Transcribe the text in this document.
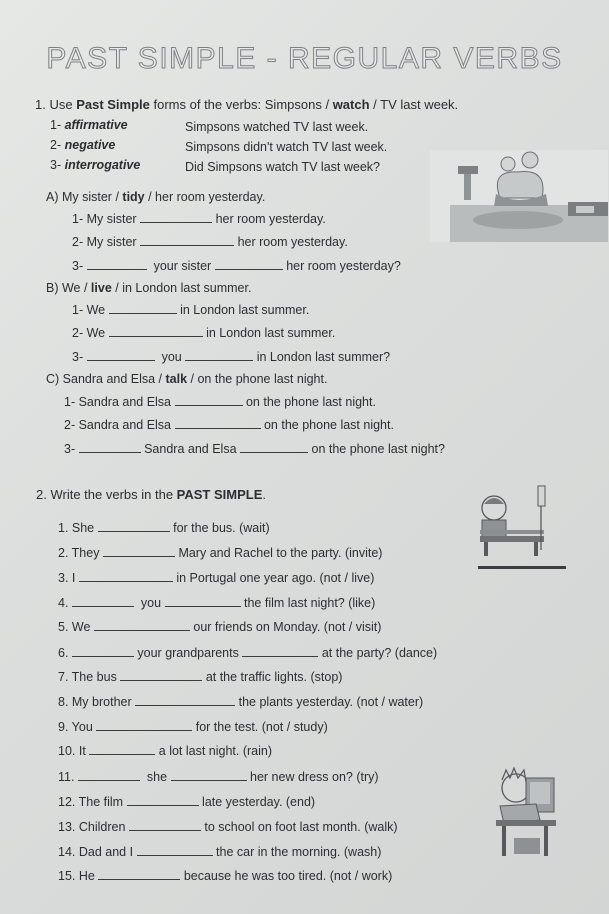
PAST SIMPLE - REGULAR VERBS
1. Use Past Simple forms of the verbs: Simpsons / watch / TV last week.
1- affirmative	Simpsons watched TV last week.
2- negative	Simpsons didn't watch TV last week.
3- interrogative	Did Simpsons watch TV last week?
A) My sister / tidy / her room yesterday.
1- My sister	her room yesterday.
2- My sister	her room yesterday.
3-	your sister	her room yesterday?
B) We / live / in London last summer.
1- We	in London last summer.
2- We	in London last summer.
3-	you	in London last summer?
C) Sandra and Elsa / talk / on the phone last night.
1- Sandra and Elsa	on the phone last night.
2- Sandra and Elsa	on the phone last night.
3-	Sandra and Elsa	on the phone last night?
2. Write the verbs in the PAST SIMPLE.
1. She	for the bus. (wait)
2. They	Mary and Rachel to the party. (invite)
3. I	in Portugal one year ago. (not / live)
4.	you	the film last night? (like)
5. We	our friends on Monday. (not / visit)
6.	your grandparents	at the party? (dance)
7. The bus	at the traffic lights. (stop)
8. My brother	the plants yesterday. (not / water)
9. You	for the test. (not / study)
10. It	a lot last night. (rain)
11.	she	her new dress on? (try)
12. The film	late yesterday. (end)
13. Children	to school on foot last month. (walk)
14. Dad and I	the car in the morning. (wash)
15. He	because he was too tired. (not / work)
